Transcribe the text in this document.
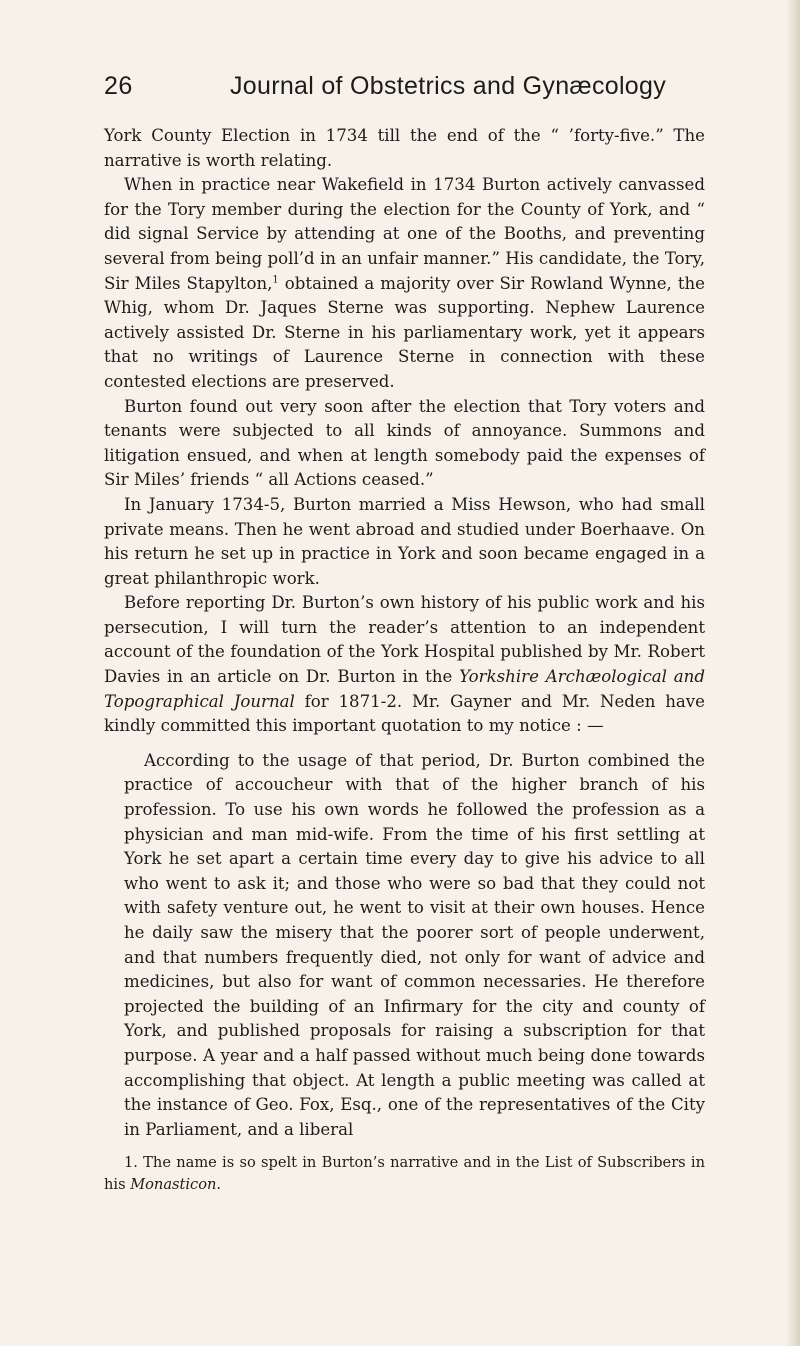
26	Journal of Obstetrics and Gynæcology

York County Election in 1734 till the end of the “ ’forty-five.” The narrative is worth relating.

When in practice near Wakefield in 1734 Burton actively canvassed for the Tory member during the election for the County of York, and “ did signal Service by attending at one of the Booths, and preventing several from being poll’d in an unfair manner.” His candidate, the Tory, Sir Miles Stapylton,$^1$ obtained a majority over Sir Rowland Wynne, the Whig, whom Dr. Jaques Sterne was supporting. Nephew Laurence actively assisted Dr. Sterne in his parliamentary work, yet it appears that no writings of Laurence Sterne in connection with these contested elections are preserved.

Burton found out very soon after the election that Tory voters and tenants were subjected to all kinds of annoyance. Summons and litigation ensued, and when at length somebody paid the expenses of Sir Miles’ friends “ all Actions ceased.”

In January 1734-5, Burton married a Miss Hewson, who had small private means. Then he went abroad and studied under Boerhaave. On his return he set up in practice in York and soon became engaged in a great philanthropic work.

Before reporting Dr. Burton’s own history of his public work and his persecution, I will turn the reader’s attention to an independent account of the foundation of the York Hospital published by Mr. Robert Davies in an article on Dr. Burton in the Yorkshire Archæological and Topographical Journal for 1871-2. Mr. Gayner and Mr. Neden have kindly committed this important quotation to my notice : —

According to the usage of that period, Dr. Burton combined the practice of accoucheur with that of the higher branch of his profession. To use his own words he followed the profession as a physician and man mid-wife. From the time of his first settling at York he set apart a certain time every day to give his advice to all who went to ask it; and those who were so bad that they could not with safety venture out, he went to visit at their own houses. Hence he daily saw the misery that the poorer sort of people underwent, and that numbers frequently died, not only for want of advice and medicines, but also for want of common necessaries. He therefore projected the building of an Infirmary for the city and county of York, and published proposals for raising a subscription for that purpose. A year and a half passed without much being done towards accomplishing that object. At length a public meeting was called at the instance of Geo. Fox, Esq., one of the representatives of the City in Parliament, and a liberal

1. The name is so spelt in Burton’s narrative and in the List of Subscribers in his Monasticon.
